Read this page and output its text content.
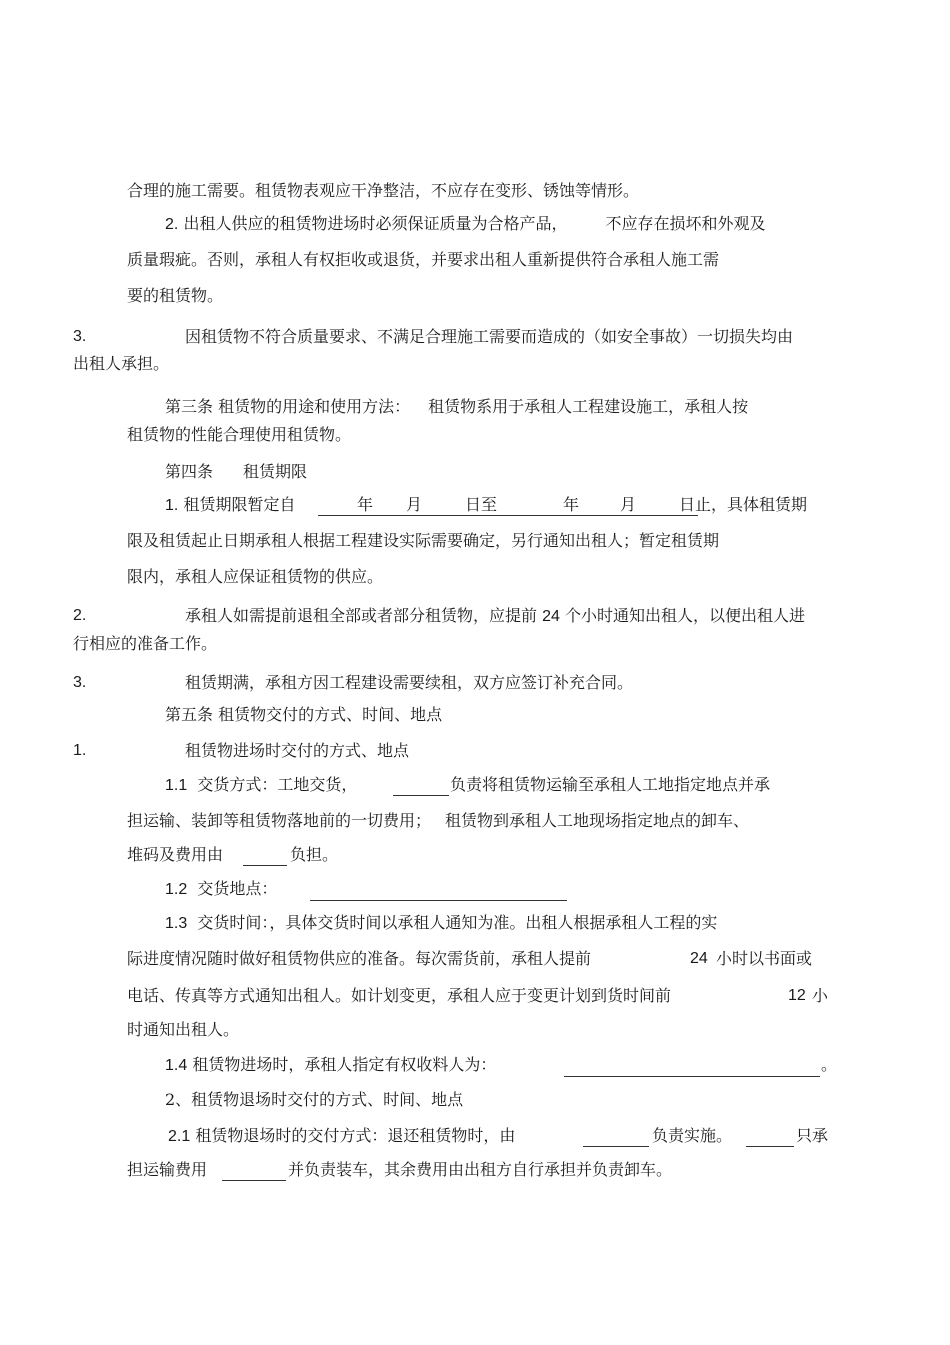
合理的施工需要。租赁物表观应干净整洁，不应存在变形、锈蚀等情形。
2. 出租人供应的租赁物进场时必须保证质量为合格产品， 不应存在损坏和外观及
质量瑕疵。否则，承租人有权拒收或退货，并要求出租人重新提供符合承租人施工需
要的租赁物。
3.	因租赁物不符合质量要求、不满足合理施工需要而造成的（如安全事故）一切损失均由
出租人承担。
第三条 租赁物的用途和使用方法： 租赁物系用于承租人工程建设施工，承租人按
租赁物的性能合理使用租赁物。
第四条 租赁期限
1. 租赁期限暂定自	年 月	日至	年	月	日止，具体租赁期
限及租赁起止日期承租人根据工程建设实际需要确定，另行通知出租人；暂定租赁期
限内，承租人应保证租赁物的供应。
2.	承租人如需提前退租全部或者部分租赁物，应提前 24 个小时通知出租人，以便出租人进
行相应的准备工作。
3.	租赁期满，承租方因工程建设需要续租，双方应签订补充合同。
第五条 租赁物交付的方式、时间、地点
1.	租赁物进场时交付的方式、地点
1.1 交货方式：工地交货，	负责将租赁物运输至承租人工地指定地点并承
担运输、装卸等租赁物落地前的一切费用； 租赁物到承租人工地现场指定地点的卸车、
堆码及费用由	负担。
1.2 交货地点：
1.3 交货时间：，具体交货时间以承租人通知为准。出租人根据承租人工程的实
际进度情况随时做好租赁物供应的准备。每次需货前，承租人提前	24 小时以书面或
电话、传真等方式通知出租人。如计划变更，承租人应于变更计划到货时间前	12 小
时通知出租人。
1.4 租赁物进场时，承租人指定有权收料人为：	。
2、租赁物退场时交付的方式、时间、地点
2.1 租赁物退场时的交付方式：退还租赁物时，由	负责实施。	只承
担运输费用	并负责装车，其余费用由出租方自行承担并负责卸车。
